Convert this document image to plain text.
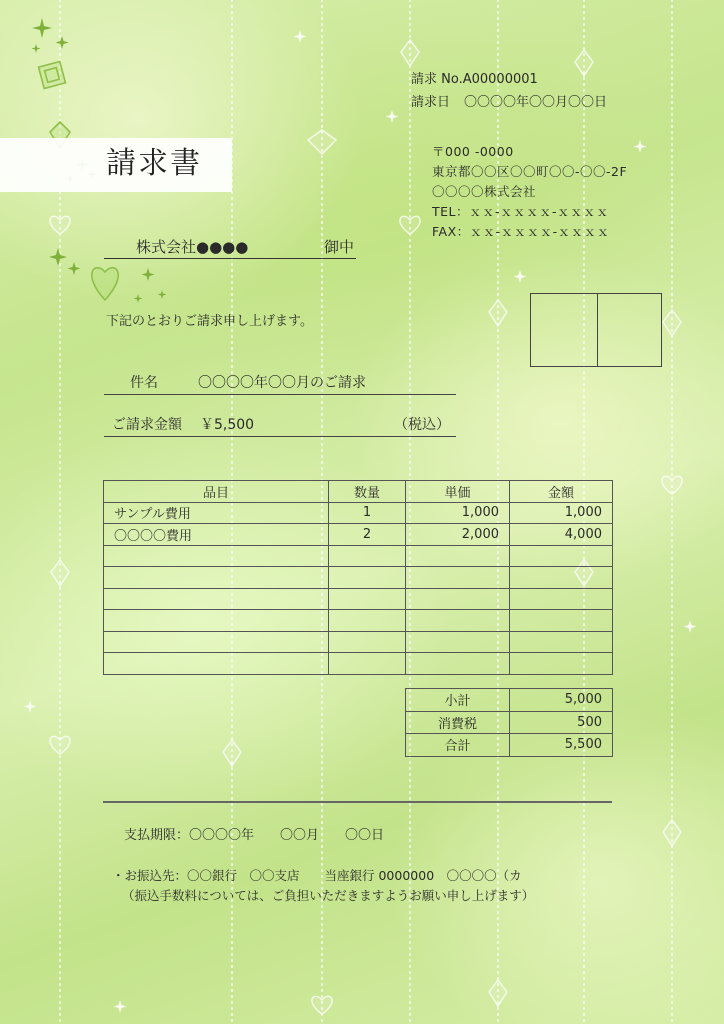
請求書
請求 No.A00000001
請求日 〇〇〇〇年〇〇月〇〇日
〒000 -0000
東京都〇〇区〇〇町〇〇-〇〇-2F
〇〇〇〇株式会社
TEL：ｘｘ-ｘｘｘｘ-ｘｘｘｘ
FAX：ｘｘ-ｘｘｘｘ-ｘｘｘｘ
株式会社●●●●	御中
下記のとおりご請求申し上げます。
件名	〇〇〇〇年〇〇月のご請求
ご請求金額 ￥5,500	（税込）
品目	数量	単価	金額
サンプル費用	1	1,000	1,000
〇〇〇〇費用	2	2,000	4,000

小計	5,000
消費税	500
合計	5,500
支払期限：〇〇〇〇年　　〇〇月　　〇〇日
・お振込先：〇〇銀行　〇〇支店　　当座銀行 0000000　〇〇〇〇（カ
（振込手数料については、ご負担いただきますようお願い申し上げます）
